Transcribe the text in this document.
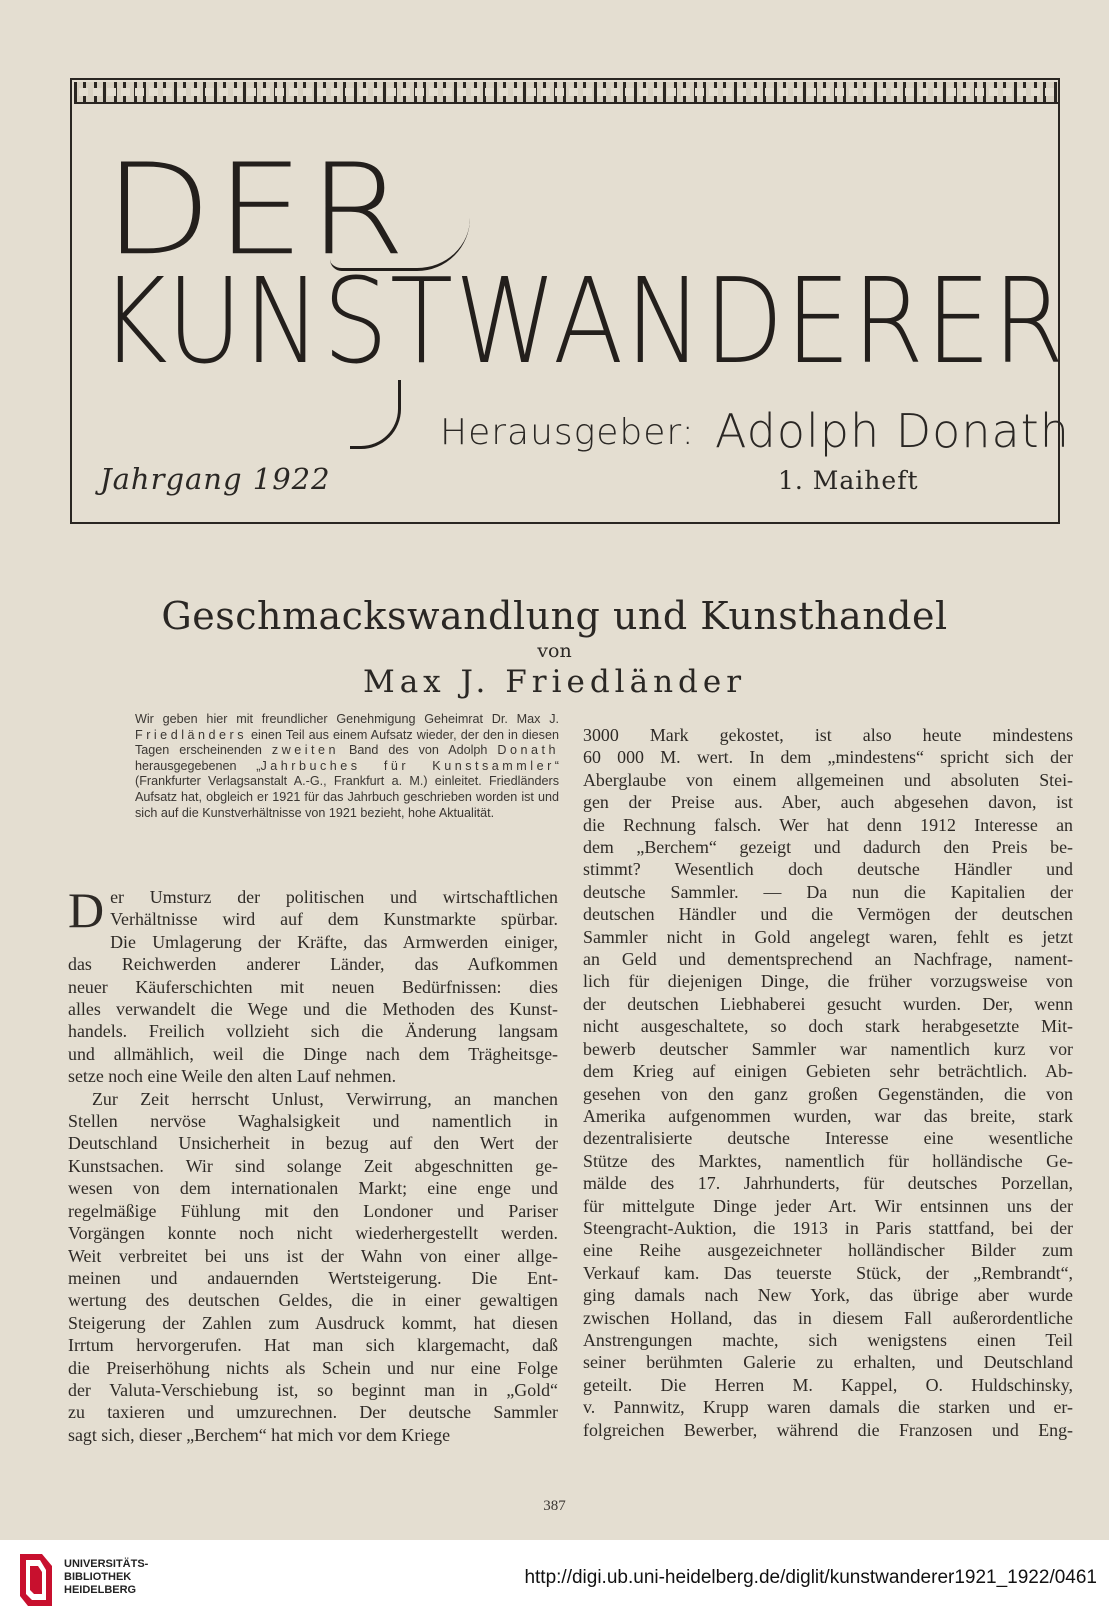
DER
KUNSTWANDERER
Herausgeber: Adolph Donath
Jahrgang 1922	1. Maiheft
Geschmackswandlung und Kunsthandel
von
Max J. Friedländer
Wir geben hier mit freundlicher Genehmigung Geheimrat Dr. Max J. Friedländers einen Teil aus einem Aufsatz wieder, der den in diesen Tagen erscheinenden zweiten Band des von Adolph Donath herausgegebenen „Jahrbuches für Kunstsammler“ (Frankfurter Verlagsanstalt A.-G., Frankfurt a. M.) einleitet. Friedländers Aufsatz hat, obgleich er 1921 für das Jahrbuch geschrieben worden ist und sich auf die Kunstverhältnisse von 1921 bezieht, hohe Aktualität.
D er Umsturz der politischen und wirtschaftlichen
Verhältnisse wird auf dem Kunstmarkte spürbar.
Die Umlagerung der Kräfte, das Armwerden einiger,
das Reichwerden anderer Länder, das Aufkommen
neuer Käuferschichten mit neuen Bedürfnissen: dies
alles verwandelt die Wege und die Methoden des Kunst-
handels. Freilich vollzieht sich die Änderung langsam
und allmählich, weil die Dinge nach dem Trägheitsge-
setze noch eine Weile den alten Lauf nehmen.
Zur Zeit herrscht Unlust, Verwirrung, an manchen
Stellen nervöse Waghalsigkeit und namentlich in
Deutschland Unsicherheit in bezug auf den Wert der
Kunstsachen. Wir sind solange Zeit abgeschnitten ge-
wesen von dem internationalen Markt; eine enge und
regelmäßige Fühlung mit den Londoner und Pariser
Vorgängen konnte noch nicht wiederhergestellt werden.
Weit verbreitet bei uns ist der Wahn von einer allge-
meinen und andauernden Wertsteigerung. Die Ent-
wertung des deutschen Geldes, die in einer gewaltigen
Steigerung der Zahlen zum Ausdruck kommt, hat diesen
Irrtum hervorgerufen. Hat man sich klargemacht, daß
die Preiserhöhung nichts als Schein und nur eine Folge
der Valuta-Verschiebung ist, so beginnt man in „Gold“
zu taxieren und umzurechnen. Der deutsche Sammler
sagt sich, dieser „Berchem“ hat mich vor dem Kriege
3000 Mark gekostet, ist also heute mindestens
60 000 M. wert. In dem „mindestens“ spricht sich der
Aberglaube von einem allgemeinen und absoluten Stei-
gen der Preise aus. Aber, auch abgesehen davon, ist
die Rechnung falsch. Wer hat denn 1912 Interesse an
dem „Berchem“ gezeigt und dadurch den Preis be-
stimmt? Wesentlich doch deutsche Händler und
deutsche Sammler. — Da nun die Kapitalien der
deutschen Händler und die Vermögen der deutschen
Sammler nicht in Gold angelegt waren, fehlt es jetzt
an Geld und dementsprechend an Nachfrage, nament-
lich für diejenigen Dinge, die früher vorzugsweise von
der deutschen Liebhaberei gesucht wurden. Der, wenn
nicht ausgeschaltete, so doch stark herabgesetzte Mit-
bewerb deutscher Sammler war namentlich kurz vor
dem Krieg auf einigen Gebieten sehr beträchtlich. Ab-
gesehen von den ganz großen Gegenständen, die von
Amerika aufgenommen wurden, war das breite, stark
dezentralisierte deutsche Interesse eine wesentliche
Stütze des Marktes, namentlich für holländische Ge-
mälde des 17. Jahrhunderts, für deutsches Porzellan,
für mittelgute Dinge jeder Art. Wir entsinnen uns der
Steengracht-Auktion, die 1913 in Paris stattfand, bei der
eine Reihe ausgezeichneter holländischer Bilder zum
Verkauf kam. Das teuerste Stück, der „Rembrandt“,
ging damals nach New York, das übrige aber wurde
zwischen Holland, das in diesem Fall außerordentliche
Anstrengungen machte, sich wenigstens einen Teil
seiner berühmten Galerie zu erhalten, und Deutschland
geteilt. Die Herren M. Kappel, O. Huldschinsky,
v. Pannwitz, Krupp waren damals die starken und er-
folgreichen Bewerber, während die Franzosen und Eng-
387
UNIVERSITÄTS-
BIBLIOTHEK
HEIDELBERG
http://digi.ub.uni-heidelberg.de/diglit/kunstwanderer1921_1922/0461
